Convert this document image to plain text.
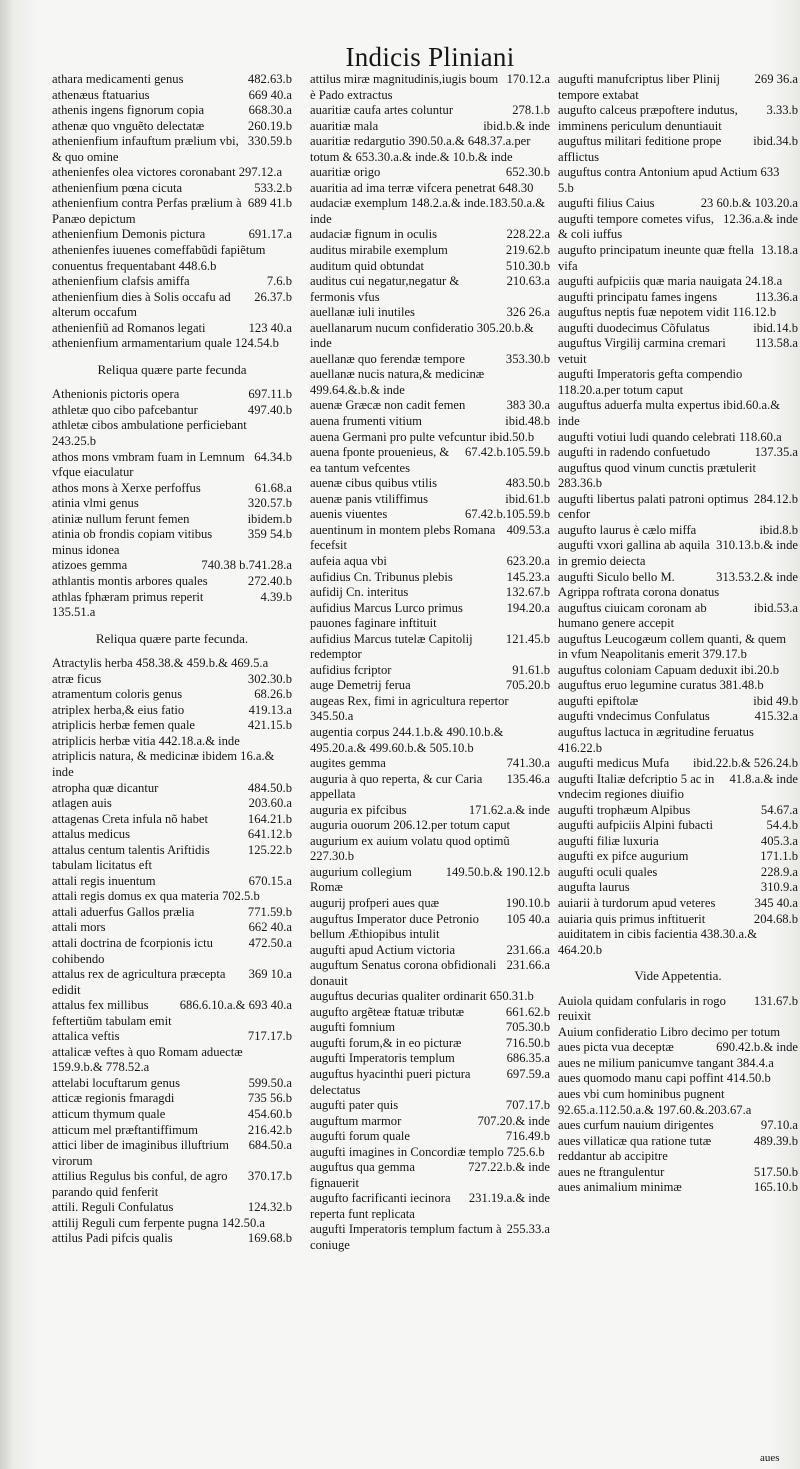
Indicis Pliniani
482.63.b
athara medicamenti genus
669 40.a
athenæus ftatuarius
668.30.a
athenis ingens fignorum copia
260.19.b
athenæ quo vnguẽto delectatæ
330.59.b
athenienfium infauftum prælium vbi, & quo omine
athenienfes olea victores coronabant 297.12.a
533.2.b
athenienfium pœna cicuta
689 41.b
athenienfium contra Perfas prælium à Panæo depictum
691.17.a
athenienfium Demonis pictura
athenienfes iuuenes comeffabũdi fapiẽtum conuentus frequentabant 448.6.b
7.6.b
athenienfium clafsis amiffa
26.37.b
athenienfium dies à Solis occafu ad alterum occafum
123 40.a
athenienfiũ ad Romanos legati
athenienfium armamentarium quale 124.54.b
Reliqua quære parte fecunda
697.11.b
Athenionis pictoris opera
497.40.b
athletæ quo cibo pafcebantur
athletæ cibos ambulatione perficiebant 243.25.b
64.34.b
athos mons vmbram fuam in Lemnum vfque eiaculatur
61.68.a
athos mons à Xerxe perfoffus
320.57.b
atinia vlmi genus
ibidem.b
atiniæ nullum ferunt femen
359 54.b
atinia ob frondis copiam vitibus minus idonea
740.38 b.741.28.a
atizoes gemma
272.40.b
athlantis montis arbores quales
4.39.b
athlas fphæram primus reperit
135.51.a
Reliqua quære parte fecunda.
Atractylis herba 458.38.& 459.b.& 469.5.a
302.30.b
atræ ficus
68.26.b
atramentum coloris genus
419.13.a
atriplex herba,& eius fatio
421.15.b
atriplicis herbæ femen quale
atriplicis herbæ vitia 442.18.a.& inde
atriplicis natura, & medicinæ ibidem 16.a.& inde
484.50.b
atropha quæ dicantur
203.60.a
atlagen auis
164.21.b
attagenas Creta infula nõ habet
641.12.b
attalus medicus
125.22.b
attalus centum talentis Ariftidis tabulam licitatus eft
670.15.a
attali regis inuentum
attali regis domus ex qua materia 702.5.b
771.59.b
attali aduerfus Gallos prælia
662 40.a
attali mors
472.50.a
attali doctrina de fcorpionis ictu cohibendo
369 10.a
attalus rex de agricultura præcepta edidit
686.6.10.a.& 693 40.a
attalus fex millibus feftertiũm tabulam emit
717.17.b
attalica veftis
attalicæ veftes à quo Romam aduectæ 159.9.b.& 778.52.a
599.50.a
attelabi locuftarum genus
735 56.b
atticæ regionis fmaragdi
454.60.b
atticum thymum quale
216.42.b
atticum mel præftantiffimum
684.50.a
attici liber de imaginibus illuftrium virorum
370.17.b
attilius Regulus bis conful, de agro parando quid fenferit
124.32.b
attili. Reguli Confulatus
attilij Reguli cum ferpente pugna 142.50.a
169.68.b
attilus Padi pifcis qualis
170.12.a
attilus miræ magnitudinis,iugis boum è Pado extractus
278.1.b
auaritiæ caufa artes coluntur
ibid.b.& inde
auaritiæ mala
auaritiæ redargutio 390.50.a.& 648.37.a.per totum & 653.30.a.& inde.& 10.b.& inde
652.30.b
auaritiæ origo
auaritia ad ima terræ vifcera penetrat 648.30
audaciæ exemplum 148.2.a.& inde.183.50.a.& inde
228.22.a
audaciæ fignum in oculis
219.62.b
auditus mirabile exemplum
510.30.b
auditum quid obtundat
210.63.a
auditus cui negatur,negatur & fermonis vfus
326 26.a
auellanæ iuli inutiles
auellanarum nucum confideratio 305.20.b.& inde
353.30.b
auellanæ quo ferendæ tempore
auellanæ nucis natura,& medicinæ 499.64.&.b.& inde
383 30.a
auenæ Græcæ non cadit femen
ibid.48.b
auena frumenti vitium
auena Germani pro pulte vefcuntur ibid.50.b
67.42.b.105.59.b
auena fponte prouenieus, & ea tantum vefcentes
483.50.b
auenæ cibus quibus vtilis
ibid.61.b
auenæ panis vtiliffimus
67.42.b.105.59.b
auenis viuentes
409.53.a
auentinum in montem plebs Romana fecefsit
623.20.a
aufeia aqua vbi
145.23.a
aufidius Cn. Tribunus plebis
132.67.b
aufidij Cn. interitus
194.20.a
aufidius Marcus Lurco primus pauones faginare inftituit
121.45.b
aufidius Marcus tutelæ Capitolij redemptor
91.61.b
aufidius fcriptor
705.20.b
auge Demetrij ferua
augeas Rex, fimi in agricultura repertor 345.50.a
augentia corpus 244.1.b.& 490.10.b.& 495.20.a.& 499.60.b.& 505.10.b
741.30.a
augites gemma
135.46.a
auguria à quo reperta, & cur Caria appellata
171.62.a.& inde
auguria ex pifcibus
auguria ouorum 206.12.per totum caput
augurium ex auium volatu quod optimũ 227.30.b
149.50.b.& 190.12.b
augurium collegium Romæ
190.10.b
augurij profperi aues quæ
105 40.a
auguftus Imperator duce Petronio bellum Æthiopibus intulit
231.66.a
augufti apud Actium victoria
231.66.a
auguftum Senatus corona obfidionali donauit
auguftus decurias qualiter ordinarit 650.31.b
661.62.b
augufto argẽteæ ftatuæ tributæ
705.30.b
augufti fomnium
716.50.b
augufti forum,& in eo picturæ
686.35.a
augufti Imperatoris templum
697.59.a
auguftus hyacinthi pueri pictura delectatus
707.17.b
augufti pater quis
707.20.& inde
auguftum marmor
716.49.b
augufti forum quale
augufti imagines in Concordiæ templo 725.6.b
727.22.b.& inde
auguftus qua gemma fignauerit
231.19.a.& inde
augufto facrificanti iecinora reperta funt replicata
255.33.a
augufti Imperatoris templum factum à coniuge
269 36.a
augufti manufcriptus liber Plinij tempore extabat
3.33.b
augufto calceus præpoftere indutus, imminens periculum denuntiauit
ibid.34.b
auguftus militari feditione prope afflictus
auguftus contra Antonium apud Actium 633 5.b
23 60.b.& 103.20.a
augufti filius Caius
12.36.a.& inde
augufti tempore cometes vifus, & coli iuffus
13.18.a
augufto principatum ineunte quæ ftella vifa
augufti aufpiciis quæ maria nauigata 24.18.a
113.36.a
augufti principatu fames ingens
auguftus neptis fuæ nepotem vidit 116.12.b
ibid.14.b
augufti duodecimus Cõfulatus
113.58.a
auguftus Virgilij carmina cremari vetuit
augufti Imperatoris gefta compendio 118.20.a.per totum caput
auguftus aduerfa multa expertus ibid.60.a.& inde
augufti votiui ludi quando celebrati 118.60.a
137.35.a
augufti in radendo confuetudo
auguftus quod vinum cunctis prætulerit 283.36.b
284.12.b
augufti libertus palati patroni optimus cenfor
ibid.8.b
augufto laurus è cælo miffa
310.13.b.& inde
augufti vxori gallina ab aquila in gremio deiecta
313.53.2.& inde
augufti Siculo bello M. Agrippa roftrata corona donatus
ibid.53.a
auguftus ciuicam coronam ab humano genere accepit
auguftus Leucogæum collem quanti, & quem in vfum Neapolitanis emerit 379.17.b
auguftus coloniam Capuam deduxit ibi.20.b
auguftus eruo legumine curatus 381.48.b
ibid 49.b
augufti epiftolæ
415.32.a
augufti vndecimus Confulatus
auguftus lactuca in ægritudine feruatus 416.22.b
ibid.22.b.& 526.24.b
augufti medicus Mufa
41.8.a.& inde
augufti Italiæ defcriptio 5 ac in vndecim regiones diuifio
54.67.a
augufti trophæum Alpibus
54.4.b
augufti aufpiciis Alpini fubacti
405.3.a
augufti filiæ luxuria
171.1.b
augufti ex pifce augurium
228.9.a
augufti oculi quales
310.9.a
augufta laurus
345 40.a
auiarii à turdorum apud veteres
204.68.b
auiaria quis primus inftituerit
auiditatem in cibis facientia 438.30.a.& 464.20.b
Vide Appetentia.
131.67.b
Auiola quidam confularis in rogo reuixit
Auium confideratio Libro decimo per totum
690.42.b.& inde
aues picta vua deceptæ
aues ne milium panicumve tangant 384.4.a
aues quomodo manu capi poffint 414.50.b
aues vbi cum hominibus pugnent 92.65.a.112.50.a.& 197.60.&.203.67.a
97.10.a
aues curfum nauium dirigentes
489.39.b
aues villaticæ qua ratione tutæ reddantur ab accipitre
517.50.b
aues ne ftrangulentur
165.10.b
aues animalium minimæ
aues
